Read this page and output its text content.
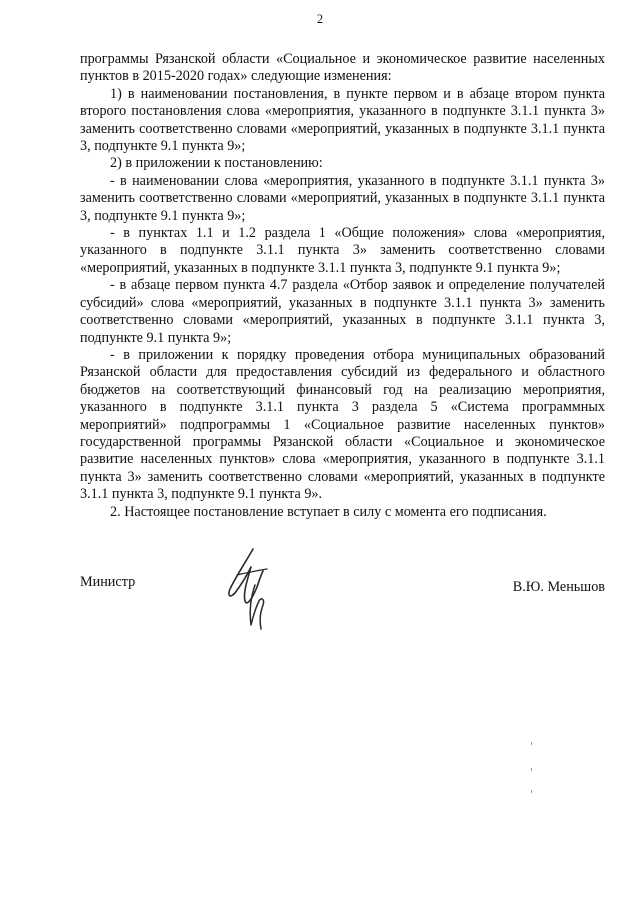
2

программы Рязанской области «Социальное и экономическое развитие населенных пунктов в 2015-2020 годах» следующие изменения:

1) в наименовании постановления, в пункте первом и в абзаце втором пункта второго постановления слова «мероприятия, указанного в подпункте 3.1.1 пункта 3» заменить соответственно словами «мероприятий, указанных в подпункте 3.1.1 пункта 3, подпункте 9.1 пункта 9»;

2) в приложении к постановлению:

- в наименовании слова «мероприятия, указанного в подпункте 3.1.1 пункта 3» заменить соответственно словами «мероприятий, указанных в подпункте 3.1.1 пункта 3, подпункте 9.1 пункта 9»;

- в пунктах 1.1 и 1.2 раздела 1 «Общие положения» слова «мероприятия, указанного в подпункте 3.1.1 пункта 3» заменить соответственно словами «мероприятий, указанных в подпункте 3.1.1 пункта 3, подпункте 9.1 пункта 9»;

- в абзаце первом пункта 4.7 раздела «Отбор заявок и определение получателей субсидий» слова «мероприятий, указанных в подпункте 3.1.1 пункта 3» заменить соответственно словами «мероприятий, указанных в подпункте 3.1.1 пункта 3, подпункте 9.1 пункта 9»;

- в приложении к порядку проведения отбора муниципальных образований Рязанской области для предоставления субсидий из федерального и областного бюджетов на соответствующий финансовый год на реализацию мероприятия, указанного в подпункте 3.1.1 пункта 3 раздела 5 «Система программных мероприятий» подпрограммы 1 «Социальное развитие населенных пунктов» государственной программы Рязанской области «Социальное и экономическое развитие населенных пунктов» слова «мероприятия, указанного в подпункте 3.1.1 пункта 3» заменить соответственно словами «мероприятий, указанных в подпункте 3.1.1 пункта 3, подпункте 9.1 пункта 9».

2. Настоящее постановление вступает в силу с момента его подписания.

Министр	В.Ю. Меньшов
